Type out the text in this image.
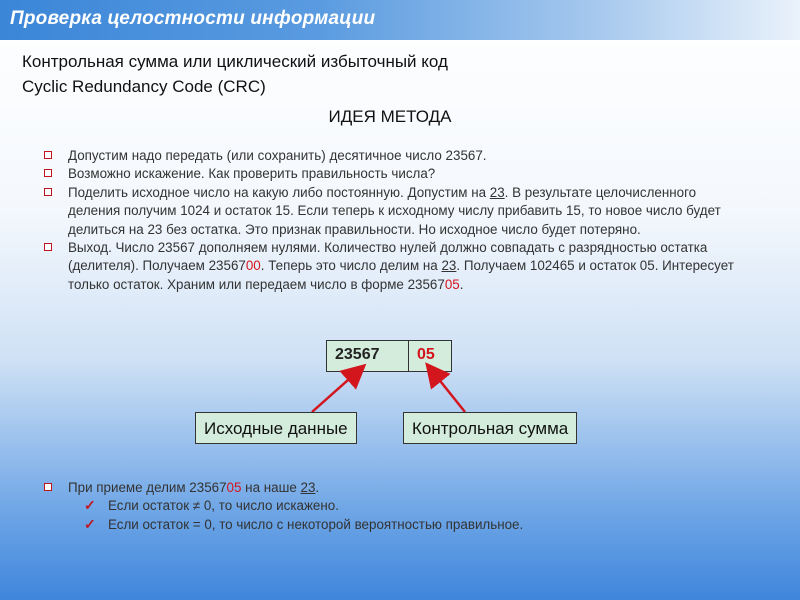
Проверка целостности информации
Контрольная сумма или циклический избыточный код
Cyclic Redundancy Code (CRC)
ИДЕЯ МЕТОДА

Допустим надо передать (или сохранить) десятичное число 23567.

Возможно искажение. Как проверить правильность числа?

Поделить исходное число на какую либо постоянную. Допустим на 23. В результате целочисленного деления получим 1024 и остаток 15. Если теперь к исходному числу прибавить 15, то новое число будет делиться на 23 без остатка. Это признак правильности. Но исходное число будет потеряно.

Выход. Число 23567 дополняем нулями. Количество нулей должно совпадать с разрядностью остатка (делителя). Получаем 2356700. Теперь это число делим на 23. Получаем 102465 и остаток 05. Интересует только остаток. Храним или передаем число в форме 2356705.

23567	05
Исходные данные	Контрольная сумма

При приеме делим 2356705 на наше 23.

✓ Если остаток ≠ 0, то число искажено.

✓ Если остаток = 0, то число с некоторой вероятностью правильное.
